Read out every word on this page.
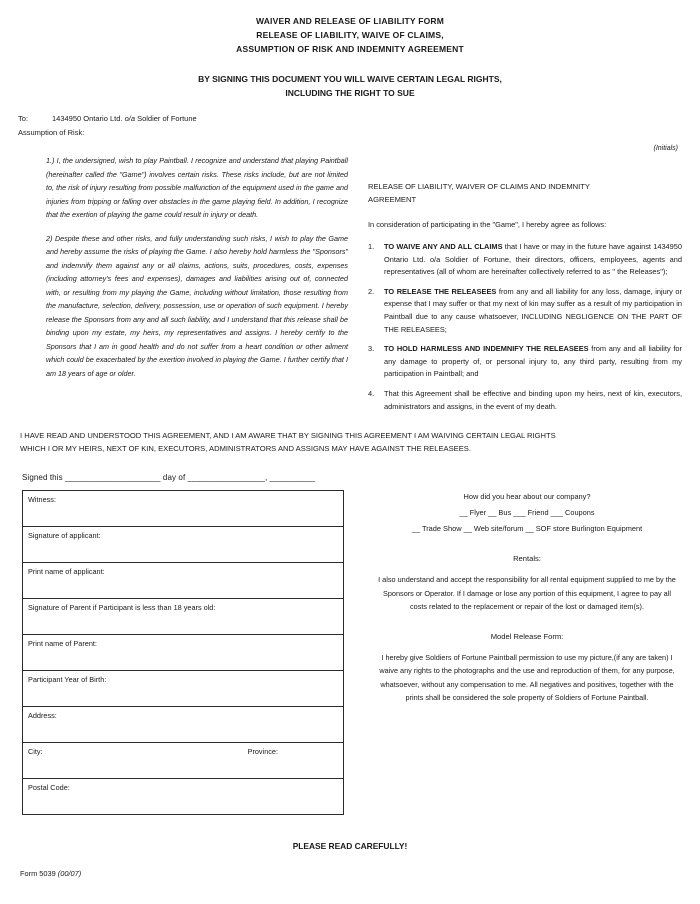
WAIVER AND RELEASE OF LIABILITY FORM
RELEASE OF LIABILITY, WAIVE OF CLAIMS,
ASSUMPTION OF RISK AND INDEMNITY AGREEMENT
BY SIGNING THIS DOCUMENT YOU WILL WAIVE CERTAIN LEGAL RIGHTS,
INCLUDING THE RIGHT TO SUE
To:	1434950 Ontario Ltd. o/a Soldier of Fortune
Assumption of Risk:
(Initials)
1.) I, the undersigned, wish to play Paintball. I recognize and understand that playing Paintball (hereinafter called the "Game") involves certain risks. These risks include, but are not limited to, the risk of injury resulting from possible malfunction of the equipment used in the game and injuries from tripping or falling over obstacles in the game playing field. In addition, I recognize that the exertion of playing the game could result in injury or death.
2) Despite these and other risks, and fully understanding such risks, I wish to play the Game and hereby assume the risks of playing the Game. I also hereby hold harmless the "Sponsors" and indemnify them against any or all claims, actions, suits, procedures, costs, expenses (including attorney's fees and expenses), damages and liabilities arising out of, connected with, or resulting from my playing the Game, including without limitation, those resulting from the manufacture, selection, delivery, possession, use or operation of such equipment. I hereby release the Sponsors from any and all such liability, and I understand that this release shall be binding upon my estate, my heirs, my representatives and assigns. I hereby certify to the Sponsors that I am in good health and do not suffer from a heart condition or other ailment which could be exacerbated by the exertion involved in playing the Game. I further certify that I am 18 years of age or older.
RELEASE OF LIABILITY, WAIVER OF CLAIMS AND INDEMNITY
AGREEMENT
In consideration of participating in the "Game", I hereby agree as follows:
1. TO WAIVE ANY AND ALL CLAIMS that I have or may in the future have against 1434950 Ontario Ltd. o/a Soldier of Fortune, their directors, officers, employees, agents and representatives (all of whom are hereinafter collectively referred to as " the Releases");
2. TO RELEASE THE RELEASEES from any and all liability for any loss, damage, injury or expense that I may suffer or that my next of kin may suffer as a result of my participation in Paintball due to any cause whatsoever, INCLUDING NEGLIGENCE ON THE PART OF THE RELEASEES;
3. TO HOLD HARMLESS AND INDEMNIFY THE RELEASEES from any and all liability for any damage to property of, or personal injury to, any third party, resulting from my participation in Paintball; and
4. That this Agreement shall be effective and binding upon my heirs, next of kin, executors, administrators and assigns, in the event of my death.
I HAVE READ AND UNDERSTOOD THIS AGREEMENT, AND I AM AWARE THAT BY SIGNING THIS AGREEMENT I AM WAIVING CERTAIN LEGAL RIGHTS
WHICH I OR MY HEIRS, NEXT OF KIN, EXECUTORS, ADMINISTRATORS AND ASSIGNS MAY HAVE AGAINST THE RELEASEES.
Signed this _____________________ day of _________________, __________
Witness:
Signature of applicant:
Print name of applicant:
Signature of Parent if Participant is less than 18 years old:
Print name of Parent:
Participant Year of Birth:
Address:

City:	Province:

Postal Code:
How did you hear about our company?
__ Flyer __ Bus ___ Friend ___ Coupons
__ Trade Show __ Web site/forum __ SOF store Burlington Equipment
Rentals:
I also understand and accept the responsibility for all rental equipment supplied to me by the Sponsors or Operator. If I damage or lose any portion of this equipment, I agree to pay all costs related to the replacement or repair of the lost or damaged item(s).
Model Release Form:
I hereby give Soldiers of Fortune Paintball permission to use my picture,(if any are taken) I waive any rights to the photographs and the use and reproduction of them, for any purpose, whatsoever, without any compensation to me. All negatives and positives, together with the prints shall be considered the sole property of Soldiers of Fortune Paintball.
PLEASE READ CAREFULLY!
Form 5039 (00/07)
